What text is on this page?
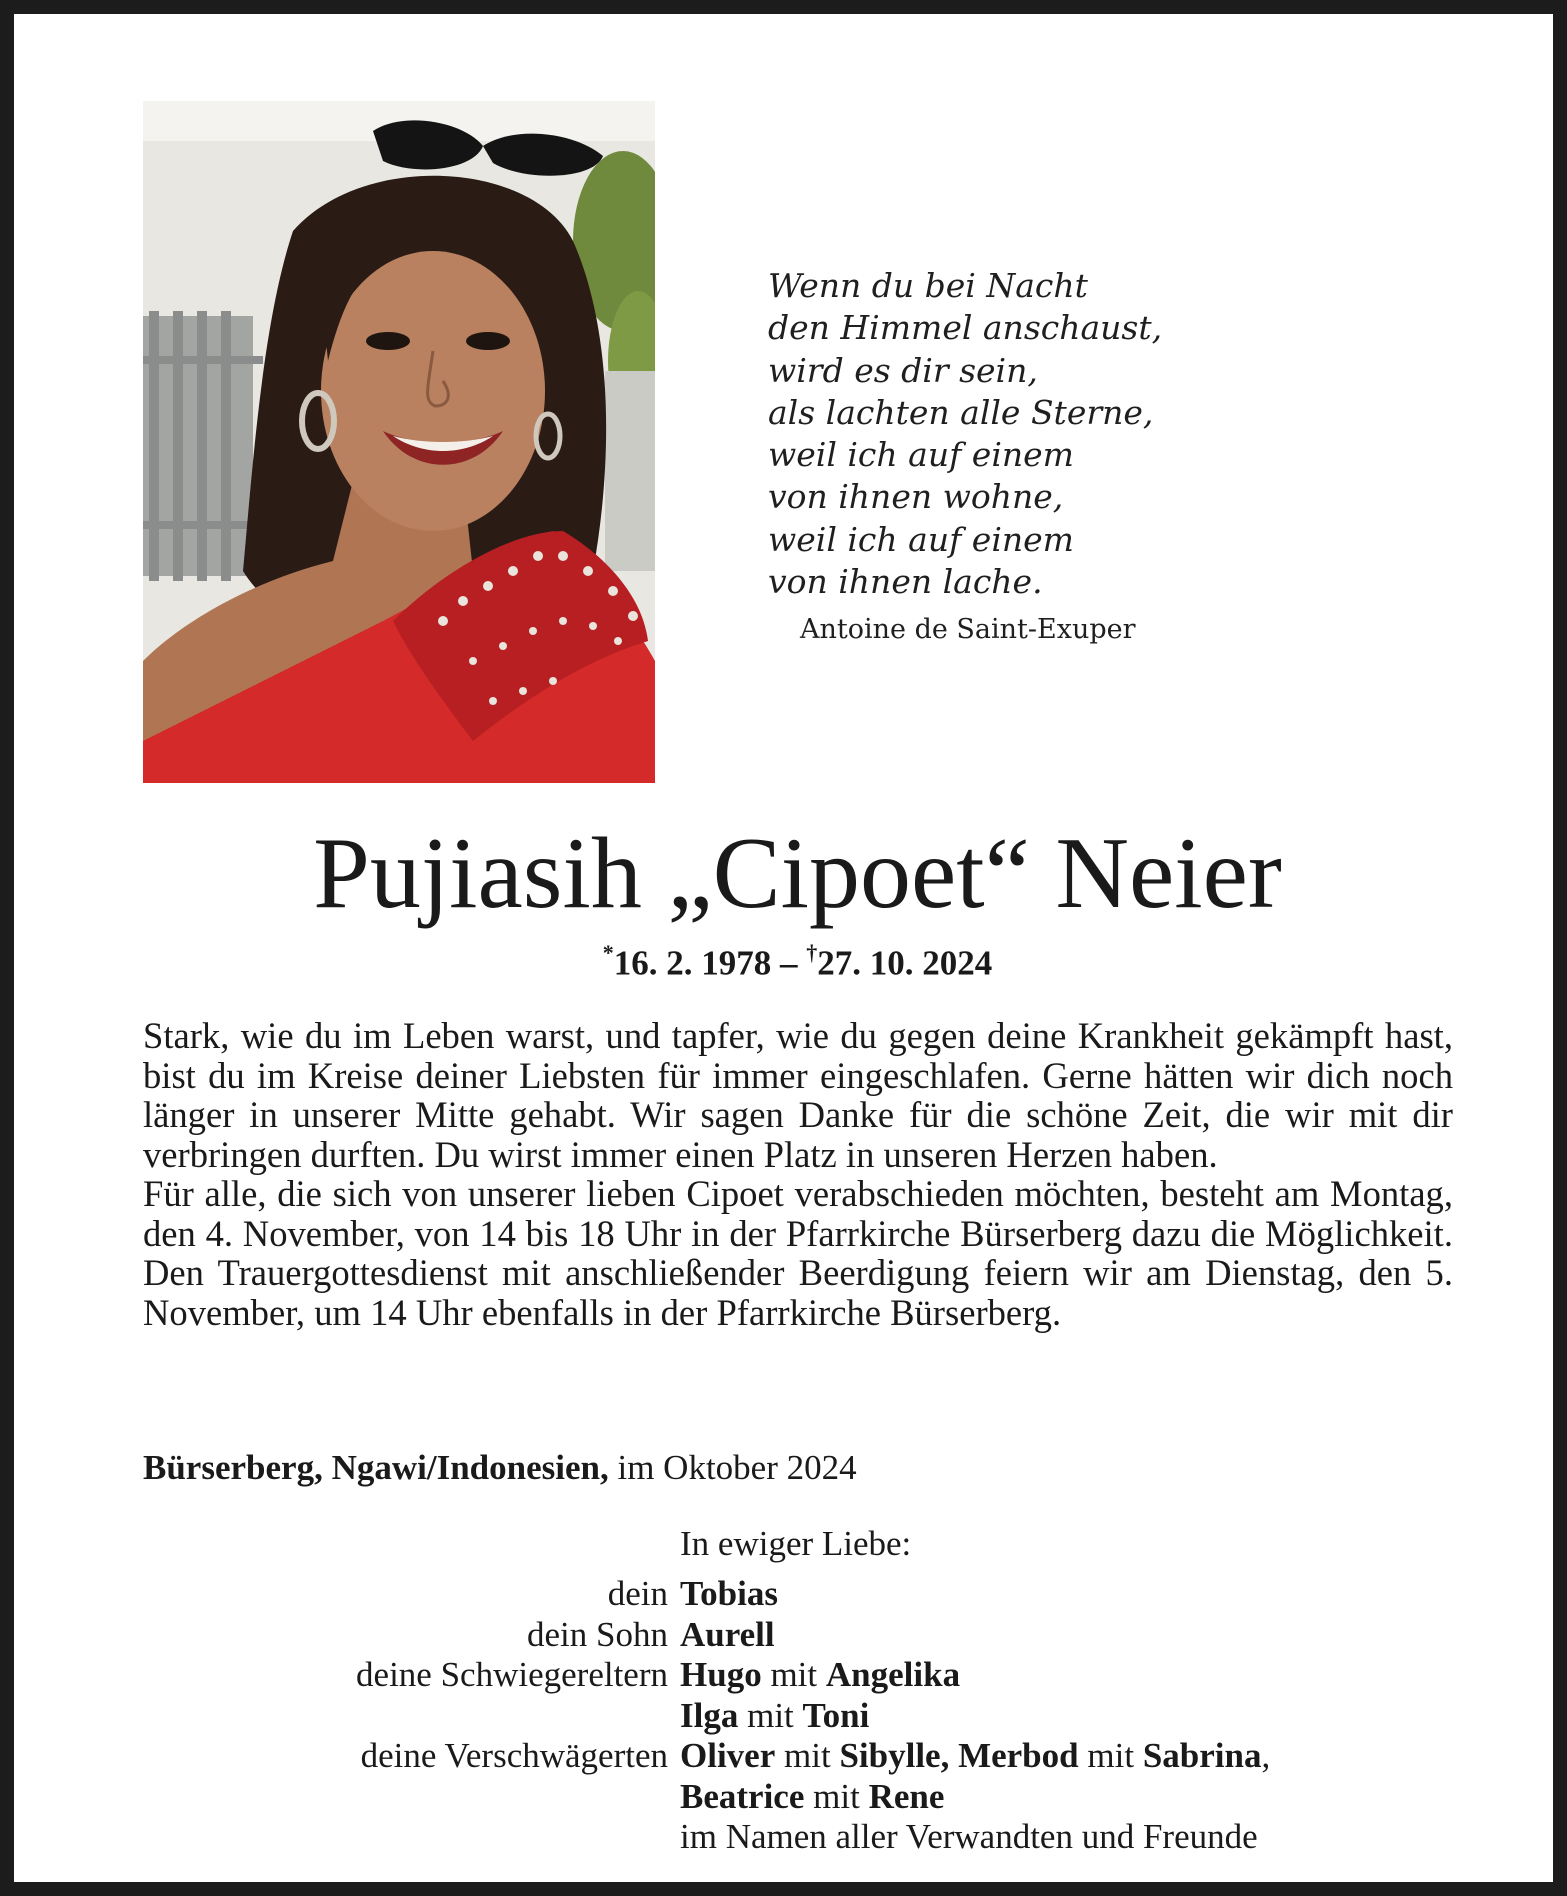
Wenn du bei Nacht
den Himmel anschaust,
wird es dir sein,
als lachten alle Sterne,
weil ich auf einem
von ihnen wohne,
weil ich auf einem
von ihnen lache.
Antoine de Saint-Exuper
Pujiasih „Cipoet“ Neier
*16. 2. 1978 – †27. 10. 2024

Stark, wie du im Leben warst, und tapfer, wie du gegen deine Krankheit gekämpft hast, bist du im Kreise deiner Liebsten für immer eingeschlafen. Gerne hätten wir dich noch länger in unserer Mitte gehabt. Wir sagen Danke für die schöne Zeit, die wir mit dir verbringen durften. Du wirst immer einen Platz in unseren Herzen haben.

Für alle, die sich von unserer lieben Cipoet verabschieden möchten, besteht am Montag, den 4. November, von 14 bis 18 Uhr in der Pfarrkirche Bürserberg dazu die Möglichkeit. Den Trauergottesdienst mit anschließender Beerdigung feiern wir am Dienstag, den 5. November, um 14 Uhr ebenfalls in der Pfarrkirche Bürserberg.

Bürserberg, Ngawi/Indonesien, im Oktober 2024
In ewiger Liebe:
dein Tobias
dein Sohn Aurell
deine Schwiegereltern Hugo mit Angelika
Ilga mit Toni
deine Verschwägerten Oliver mit Sibylle, Merbod mit Sabrina,
Beatrice mit Rene
im Namen aller Verwandten und Freunde
